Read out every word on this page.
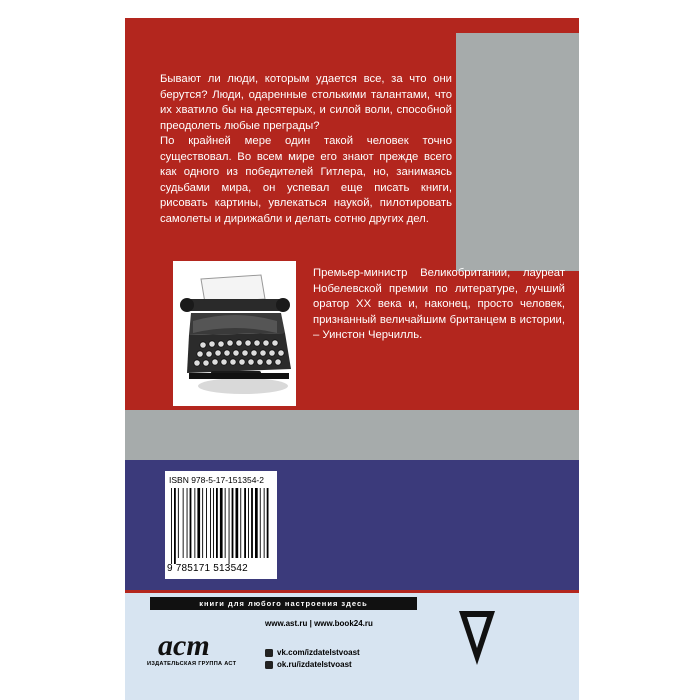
Бывают ли люди, которым удается все, за что они берутся? Люди, одаренные столькими талантами, что их хватило бы на десятерых, и силой воли, способной преодолеть любые преграды?

По крайней мере один такой человек точно существовал. Во всем мире его знают прежде всего как одного из победителей Гитлера, но, занимаясь судьбами мира, он успевал еще писать книги, рисовать картины, увлекаться наукой, пилотировать самолеты и дирижабли и делать сотню других дел.

Премьер-министр Великобритании, лауреат Нобелевской премии по литературе, лучший оратор XX века и, наконец, просто человек, признанный величайшим британцем в истории, – Уинстон Черчилль.

ISBN 978-5-17-151354-2
9 785171 513542
книги для любого настроения здесь
аст
ИЗДАТЕЛЬСКАЯ ГРУППА АСТ
www.ast.ru | www.book24.ru
vk.com/izdatelstvoast
ok.ru/izdatelstvoast
